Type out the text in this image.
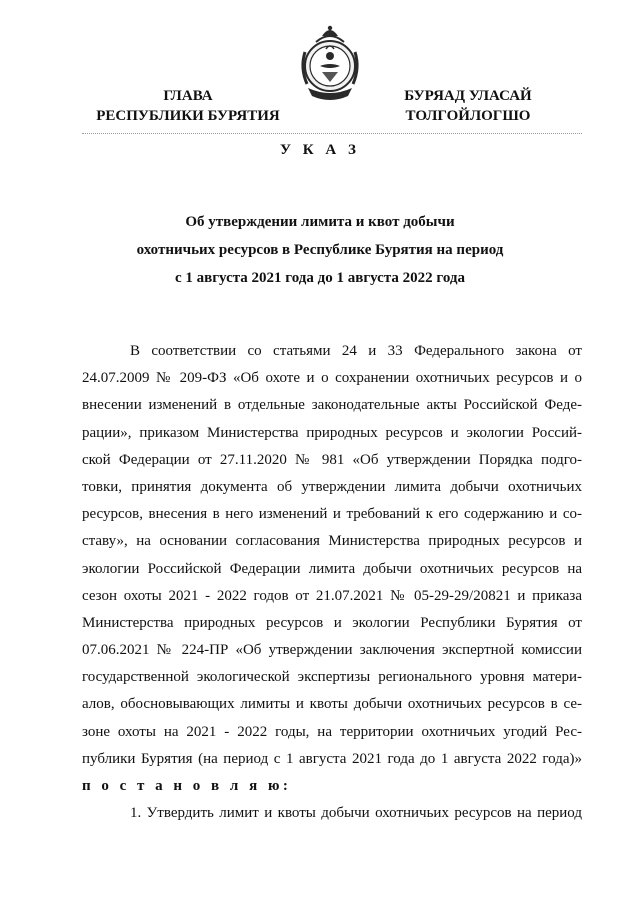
ГЛАВА
РЕСПУБЛИКИ БУРЯТИЯ
БУРЯАД УЛАСАЙ
ТОЛГОЙЛОГШО
У К А З
Об утверждении лимита и квот добычи
охотничьих ресурсов в Республике Бурятия на период
с 1 августа 2021 года до 1 августа 2022 года
В соответствии со статьями 24 и 33 Федерального закона от
24.07.2009 № 209-ФЗ «Об охоте и о сохранении охотничьих ресурсов и о
внесении изменений в отдельные законодательные акты Российской Феде-
рации», приказом Министерства природных ресурсов и экологии Россий-
ской Федерации от 27.11.2020 № 981 «Об утверждении Порядка подго-
товки, принятия документа об утверждении лимита добычи охотничьих
ресурсов, внесения в него изменений и требований к его содержанию и со-
ставу», на основании согласования Министерства природных ресурсов и
экологии Российской Федерации лимита добычи охотничьих ресурсов на
сезон охоты 2021 - 2022 годов от 21.07.2021 № 05-29-29/20821 и приказа
Министерства природных ресурсов и экологии Республики Бурятия от
07.06.2021 № 224-ПР «Об утверждении заключения экспертной комиссии
государственной экологической экспертизы регионального уровня матери-
алов, обосновывающих лимиты и квоты добычи охотничьих ресурсов в се-
зоне охоты на 2021 - 2022 годы, на территории охотничьих угодий Рес-
публики Бурятия (на период с 1 августа 2021 года до 1 августа 2022 года)»
п о с т а н о в л я ю:
1. Утвердить лимит и квоты добычи охотничьих ресурсов на период
